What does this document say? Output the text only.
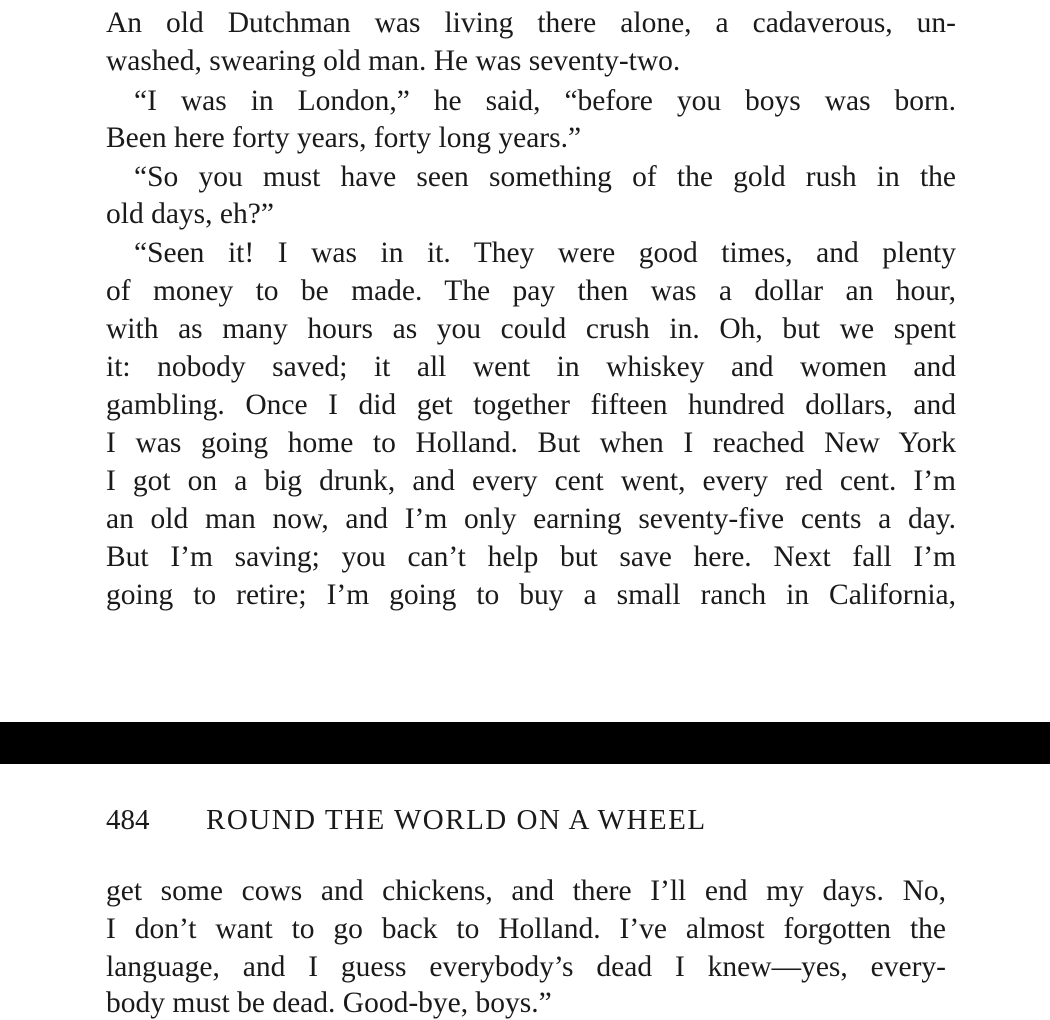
An old Dutchman was living there alone, a cadaverous, un-
washed, swearing old man. He was seventy-two.
“I was in London,” he said, “before you boys was born.
Been here forty years, forty long years.”
“So you must have seen something of the gold rush in the
old days, eh?”
“Seen it! I was in it. They were good times, and plenty
of money to be made. The pay then was a dollar an hour,
with as many hours as you could crush in. Oh, but we spent
it: nobody saved; it all went in whiskey and women and
gambling. Once I did get together fifteen hundred dollars, and
I was going home to Holland. But when I reached New York
I got on a big drunk, and every cent went, every red cent. I’m
an old man now, and I’m only earning seventy-five cents a day.
But I’m saving; you can’t help but save here. Next fall I’m
going to retire; I’m going to buy a small ranch in California,
484 ROUND THE WORLD ON A WHEEL
get some cows and chickens, and there I’ll end my days. No,
I don’t want to go back to Holland. I’ve almost forgotten the
language, and I guess everybody’s dead I knew—yes, every-
body must be dead. Good-bye, boys.”
